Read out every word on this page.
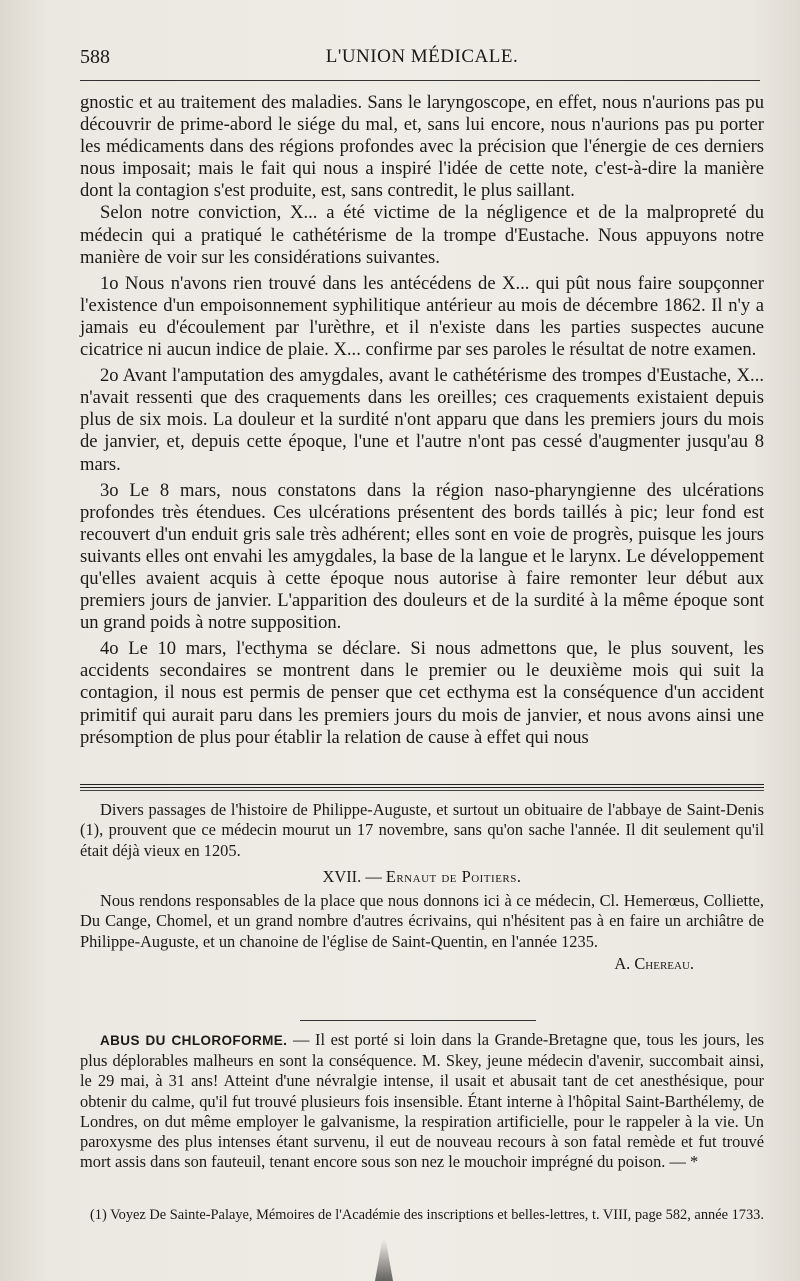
588	L'UNION MÉDICALE.

gnostic et au traitement des maladies. Sans le laryngoscope, en effet, nous n'aurions pas pu découvrir de prime-abord le siége du mal, et, sans lui encore, nous n'aurions pas pu porter les médicaments dans des régions profondes avec la précision que l'énergie de ces derniers nous imposait; mais le fait qui nous a inspiré l'idée de cette note, c'est-à-dire la manière dont la contagion s'est produite, est, sans contredit, le plus saillant.

Selon notre conviction, X... a été victime de la négligence et de la malpropreté du médecin qui a pratiqué le cathétérisme de la trompe d'Eustache. Nous appuyons notre manière de voir sur les considérations suivantes.

1o Nous n'avons rien trouvé dans les antécédens de X... qui pût nous faire soupçonner l'existence d'un empoisonnement syphilitique antérieur au mois de décembre 1862. Il n'y a jamais eu d'écoulement par l'urèthre, et il n'existe dans les parties suspectes aucune cicatrice ni aucun indice de plaie. X... confirme par ses paroles le résultat de notre examen.

2o Avant l'amputation des amygdales, avant le cathétérisme des trompes d'Eustache, X... n'avait ressenti que des craquements dans les oreilles; ces craquements existaient depuis plus de six mois. La douleur et la surdité n'ont apparu que dans les premiers jours du mois de janvier, et, depuis cette époque, l'une et l'autre n'ont pas cessé d'augmenter jusqu'au 8 mars.

3o Le 8 mars, nous constatons dans la région naso-pharyngienne des ulcérations profondes très étendues. Ces ulcérations présentent des bords taillés à pic; leur fond est recouvert d'un enduit gris sale très adhérent; elles sont en voie de progrès, puisque les jours suivants elles ont envahi les amygdales, la base de la langue et le larynx. Le développement qu'elles avaient acquis à cette époque nous autorise à faire remonter leur début aux premiers jours de janvier. L'apparition des douleurs et de la surdité à la même époque sont un grand poids à notre supposition.

4o Le 10 mars, l'ecthyma se déclare. Si nous admettons que, le plus souvent, les accidents secondaires se montrent dans le premier ou le deuxième mois qui suit la contagion, il nous est permis de penser que cet ecthyma est la conséquence d'un accident primitif qui aurait paru dans les premiers jours du mois de janvier, et nous avons ainsi une présomption de plus pour établir la relation de cause à effet qui nous

Divers passages de l'histoire de Philippe-Auguste, et surtout un obituaire de l'abbaye de Saint-Denis (1), prouvent que ce médecin mourut un 17 novembre, sans qu'on sache l'année. Il dit seulement qu'il était déjà vieux en 1205.

XVII. — Ernaut de Poitiers.

Nous rendons responsables de la place que nous donnons ici à ce médecin, Cl. Hemerœus, Colliette, Du Cange, Chomel, et un grand nombre d'autres écrivains, qui n'hésitent pas à en faire un archiâtre de Philippe-Auguste, et un chanoine de l'église de Saint-Quentin, en l'année 1235.

A. Chereau.

ABUS DU CHLOROFORME. — Il est porté si loin dans la Grande-Bretagne que, tous les jours, les plus déplorables malheurs en sont la conséquence. M. Skey, jeune médecin d'avenir, succombait ainsi, le 29 mai, à 31 ans! Atteint d'une névralgie intense, il usait et abusait tant de cet anesthésique, pour obtenir du calme, qu'il fut trouvé plusieurs fois insensible. Étant interne à l'hôpital Saint-Barthélemy, de Londres, on dut même employer le galvanisme, la respiration artificielle, pour le rappeler à la vie. Un paroxysme des plus intenses étant survenu, il eut de nouveau recours à son fatal remède et fut trouvé mort assis dans son fauteuil, tenant encore sous son nez le mouchoir imprégné du poison. — *

(1) Voyez De Sainte-Palaye, Mémoires de l'Académie des inscriptions et belles-lettres, t. VIII, page 582, année 1733.
